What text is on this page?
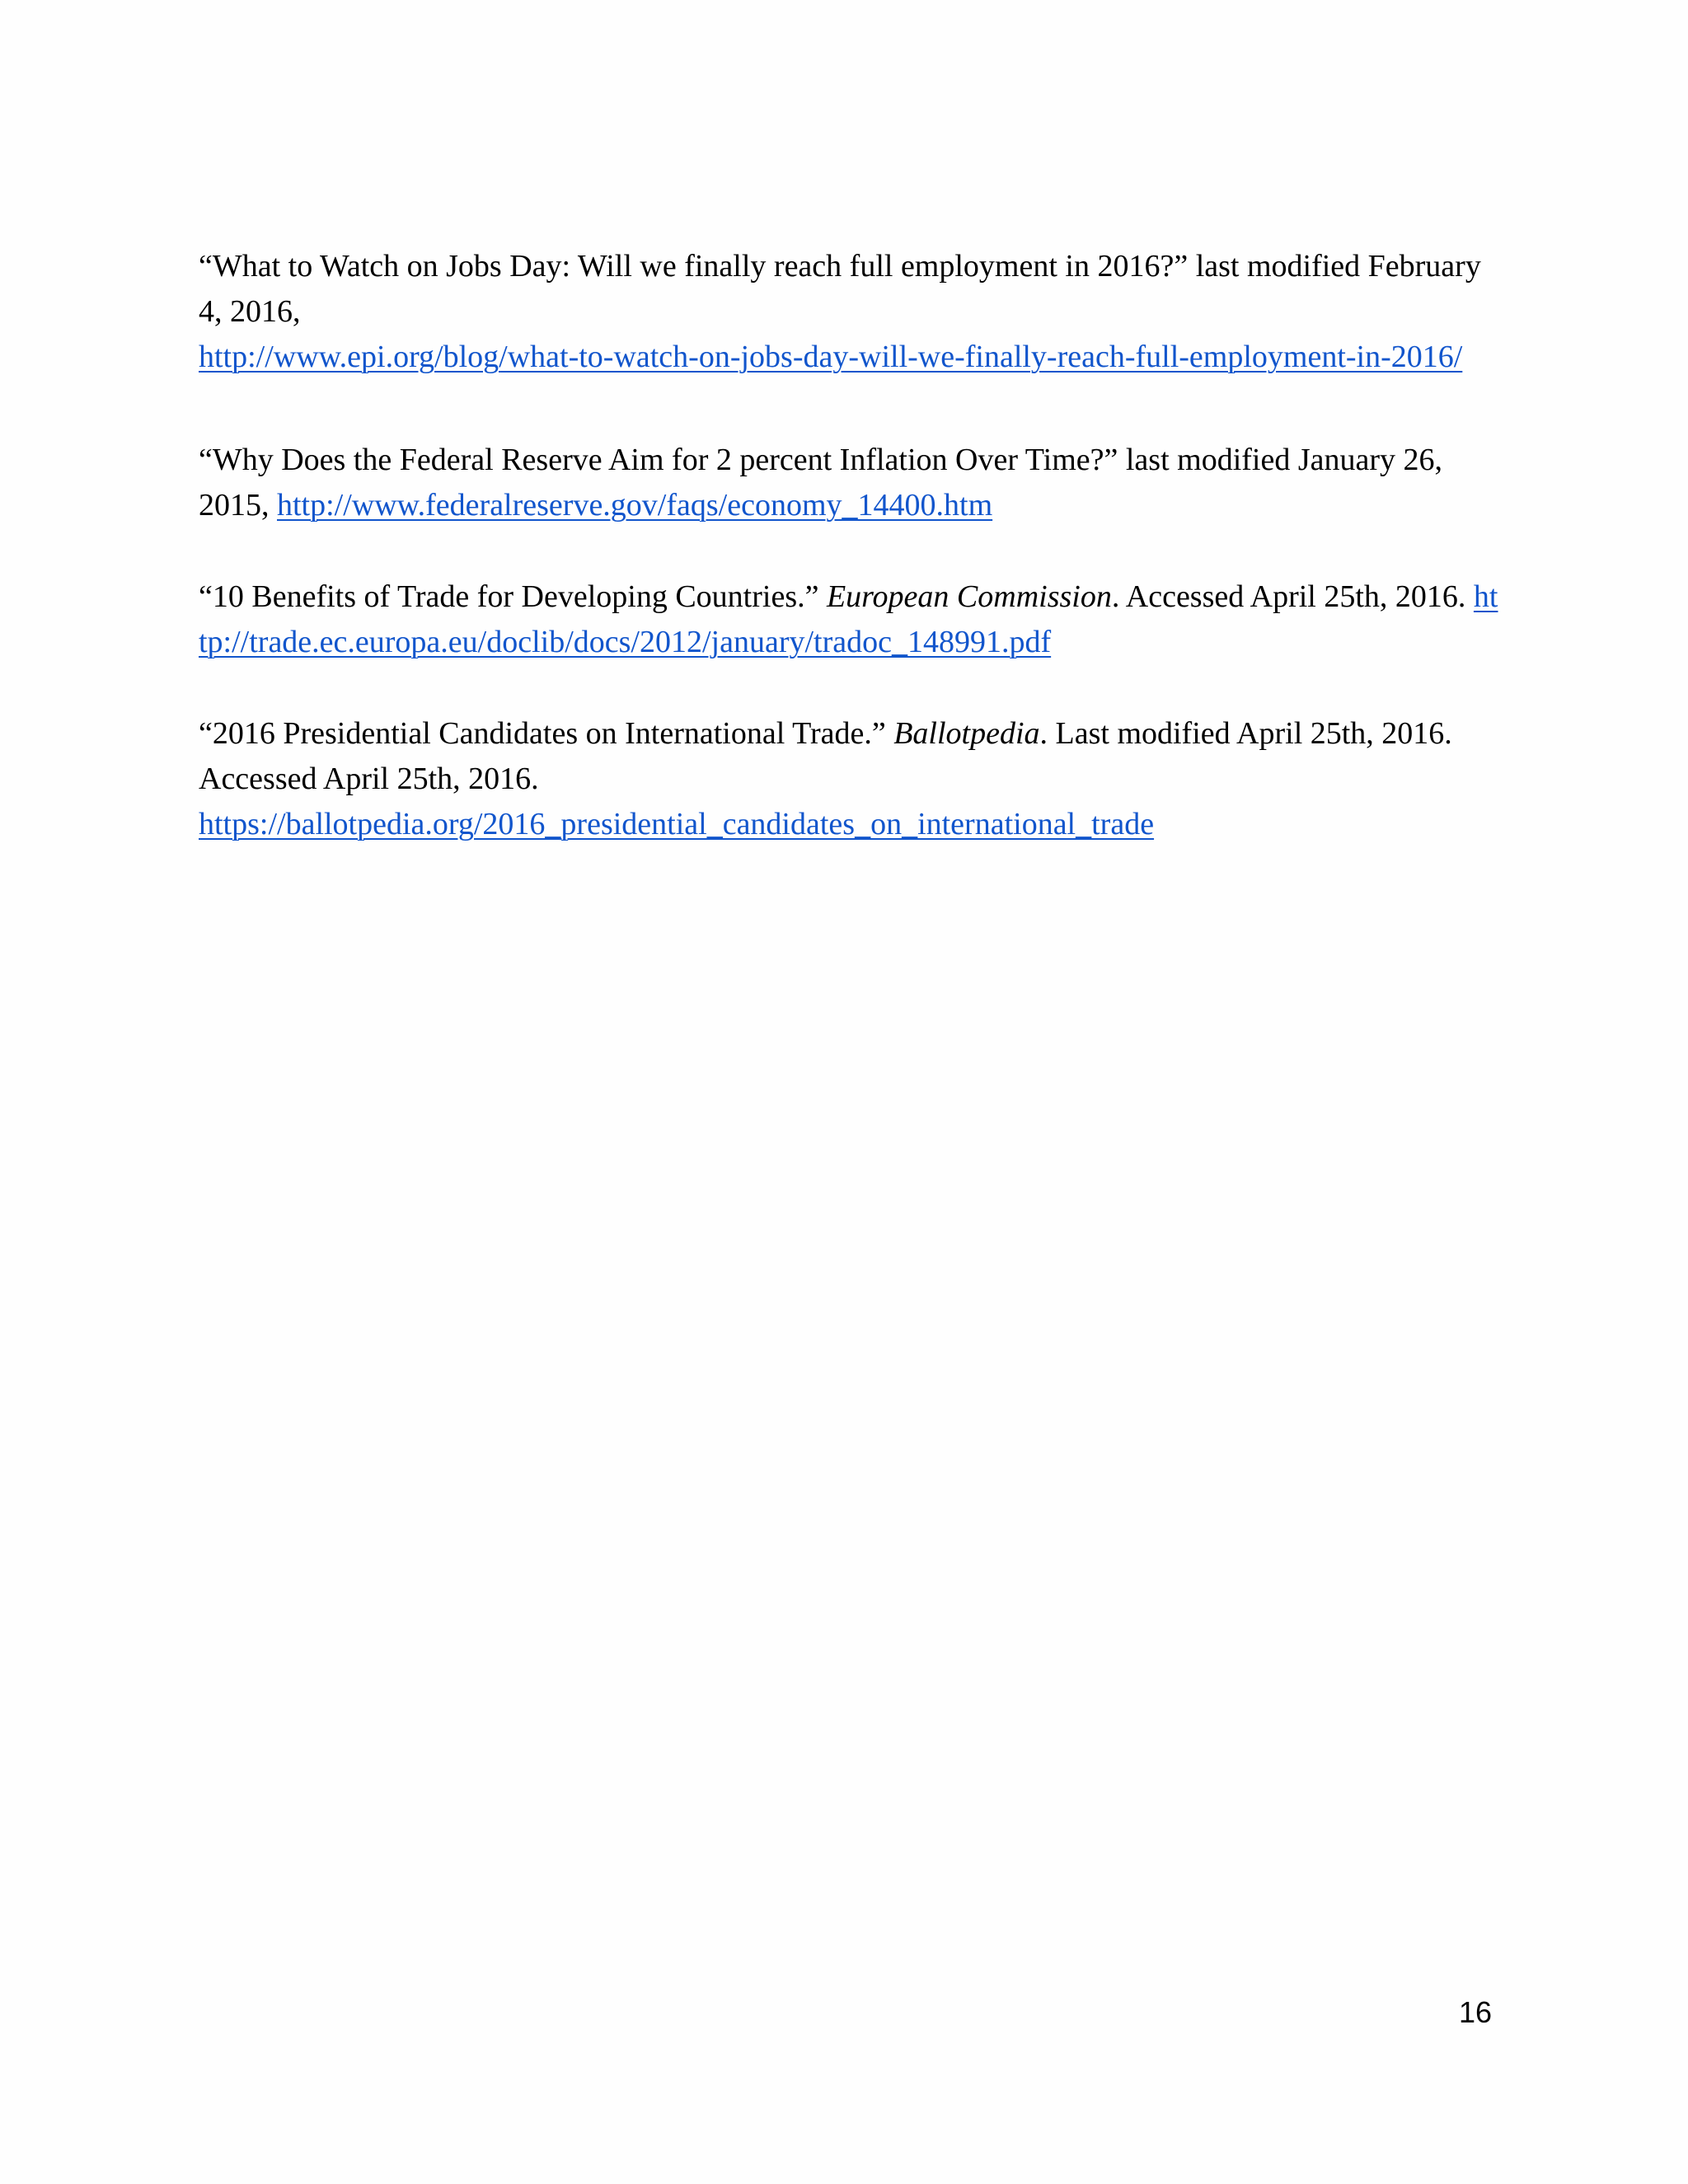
“What to Watch on Jobs Day: Will we finally reach full employment in 2016?” last modified February 4, 2016,
http://www.epi.org/blog/what-to-watch-on-jobs-day-will-we-finally-reach-full-employment-in-2016/

“Why Does the Federal Reserve Aim for 2 percent Inflation Over Time?” last modified January 26, 2015, http://www.federalreserve.gov/faqs/economy_14400.htm

“10 Benefits of Trade for Developing Countries.” European Commission. Accessed April 25th, 2016. http://trade.ec.europa.eu/doclib/docs/2012/january/tradoc_148991.pdf

“2016 Presidential Candidates on International Trade.” Ballotpedia. Last modified April 25th, 2016. Accessed April 25th, 2016.
https://ballotpedia.org/2016_presidential_candidates_on_international_trade

16
